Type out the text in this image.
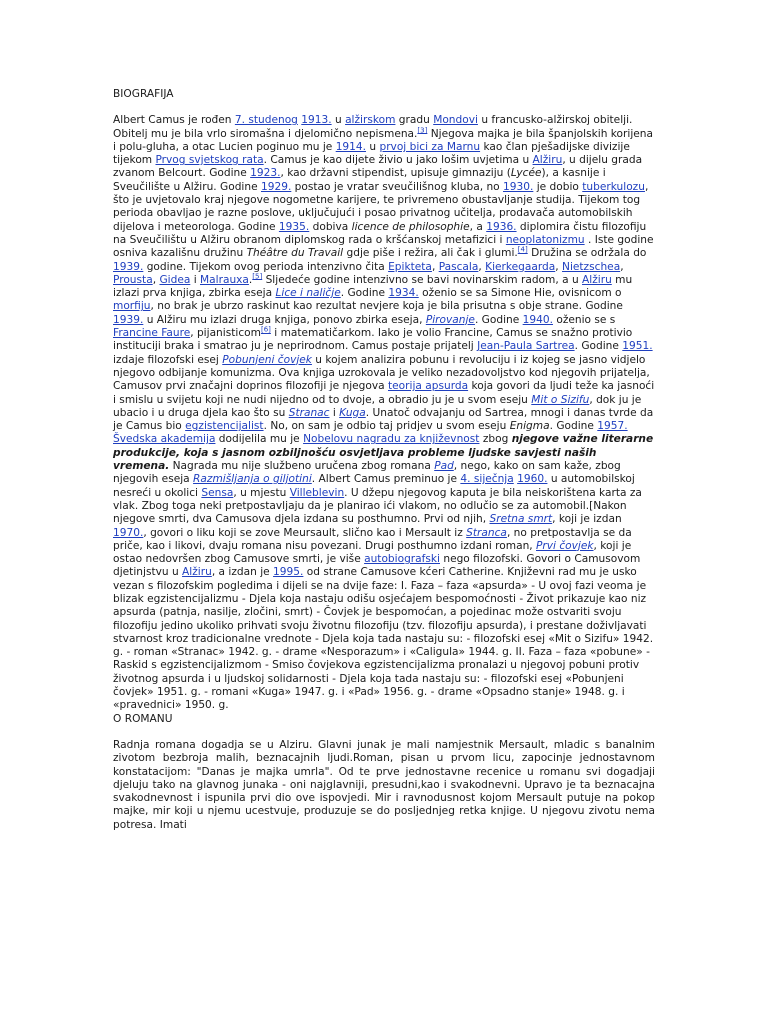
BIOGRAFIJA

Albert Camus je rođen 7. studenog 1913. u alžirskom gradu Mondovi u francusko-alžirskoj obitelji. Obitelj mu je bila vrlo siromašna i djelomično nepismena.[3] Njegova majka je bila španjolskih korijena i polu-gluha, a otac Lucien poginuo mu je 1914. u prvoj bici za Marnu kao član pješadijske divizije tijekom Prvog svjetskog rata. Camus je kao dijete živio u jako lošim uvjetima u Alžiru, u dijelu grada zvanom Belcourt. Godine 1923., kao državni stipendist, upisuje gimnaziju (Lycée), a kasnije i Sveučilište u Alžiru. Godine 1929. postao je vratar sveučilišnog kluba, no 1930. je dobio tuberkulozu, što je uvjetovalo kraj njegove nogometne karijere, te privremeno obustavljanje studija. Tijekom tog perioda obavljao je razne poslove, uključujući i posao privatnog učitelja, prodavača automobilskih dijelova i meteorologa. Godine 1935. dobiva licence de philosophie, a 1936. diplomira čistu filozofiju na Sveučilištu u Alžiru obranom diplomskog rada o kršćanskoj metafizici i neoplatonizmu . Iste godine osniva kazališnu družinu Théâtre du Travail gdje piše i režira, ali čak i glumi.[4] Družina se održala do 1939. godine. Tijekom ovog perioda intenzivno čita Epikteta, Pascala, Kierkegaarda, Nietzschea, Prousta, Gidea i Malrauxa.[5] Sljedeće godine intenzivno se bavi novinarskim radom, a u Alžiru mu izlazi prva knjiga, zbirka eseja Lice i naličje. Godine 1934. oženio se sa Simone Hie, ovisnicom o morfiju, no brak je ubrzo raskinut kao rezultat nevjere koja je bila prisutna s obje strane. Godine 1939. u Alžiru mu izlazi druga knjiga, ponovo zbirka eseja, Pirovanje. Godine 1940. oženio se s Francine Faure, pijanisticom[6] i matematičarkom. Iako je volio Francine, Camus se snažno protivio instituciji braka i smatrao ju je neprirodnom. Camus postaje prijatelj Jean-Paula Sartrea. Godine 1951. izdaje filozofski esej Pobunjeni čovjek u kojem analizira pobunu i revoluciju i iz kojeg se jasno vidjelo njegovo odbijanje komunizma. Ova knjiga uzrokovala je veliko nezadovoljstvo kod njegovih prijatelja, Camusov prvi značajni doprinos filozofiji je njegova teorija apsurda koja govori da ljudi teže ka jasnoći i smislu u svijetu koji ne nudi nijedno od to dvoje, a obradio ju je u svom eseju Mit o Sizifu, dok ju je ubacio i u druga djela kao što su Stranac i Kuga. Unatoč odvajanju od Sartrea, mnogi i danas tvrde da je Camus bio egzistencijalist. No, on sam je odbio taj pridjev u svom eseju Enigma. Godine 1957. Švedska akademija dodijelila mu je Nobelovu nagradu za književnost zbog njegove važne literarne produkcije, koja s jasnom ozbiljnošću osvjetljava probleme ljudske savjesti naših vremena. Nagrada mu nije službeno uručena zbog romana Pad, nego, kako on sam kaže, zbog njegovih eseja Razmišljanja o giljotini. Albert Camus preminuo je 4. siječnja 1960. u automobilskoj nesreći u okolici Sensa, u mjestu Villeblevin. U džepu njegovog kaputa je bila neiskorištena karta za vlak. Zbog toga neki pretpostavljaju da je planirao ići vlakom, no odlučio se za automobil.[Nakon njegove smrti, dva Camusova djela izdana su posthumno. Prvi od njih, Sretna smrt, koji je izdan 1970., govori o liku koji se zove Meursault, slično kao i Mersault iz Stranca, no pretpostavlja se da priče, kao i likovi, dvaju romana nisu povezani. Drugi posthumno izdani roman, Prvi čovjek, koji je ostao nedovršen zbog Camusove smrti, je više autobiografski nego filozofski. Govori o Camusovom djetinjstvu u Alžiru, a izdan je 1995. od strane Camusove kćeri Catherine. Književni rad mu je usko vezan s filozofskim pogledima i dijeli se na dvije faze: I. Faza – faza «apsurda» - U ovoj fazi veoma je blizak egzistencijalizmu - Djela koja nastaju odišu osjećajem bespomoćnosti - Život prikazuje kao niz apsurda (patnja, nasilje, zločini, smrt) - Čovjek je bespomoćan, a pojedinac može ostvariti svoju filozofiju jedino ukoliko prihvati svoju životnu filozofiju (tzv. filozofiju apsurda), i prestane doživljavati stvarnost kroz tradicionalne vrednote - Djela koja tada nastaju su: - filozofski esej «Mit o Sizifu» 1942. g. - roman «Stranac» 1942. g. - drame «Nesporazum» i «Caligula» 1944. g. II. Faza – faza «pobune» - Raskid s egzistencijalizmom - Smiso čovjekova egzistencijalizma pronalazi u njegovoj pobuni protiv životnog apsurda i u ljudskoj solidarnosti - Djela koja tada nastaju su: - filozofski esej «Pobunjeni čovjek» 1951. g. - romani «Kuga» 1947. g. i «Pad» 1956. g. - drame «Opsadno stanje» 1948. g. i «pravednici» 1950. g.

O ROMANU

Radnja romana dogadja se u Alziru. Glavni junak je mali namjestnik Mersault, mladic s banalnim zivotom bezbroja malih, beznacajnih ljudi.Roman, pisan u prvom licu, zapocinje jednostavnom konstatacijom: "Danas je majka umrla". Od te prve jednostavne recenice u romanu svi dogadjaji djeluju tako na glavnog junaka - oni najglavniji, presudni,kao i svakodnevni. Upravo je ta beznacajna svakodnevnost i ispunila prvi dio ove ispovjedi. Mir i ravnodusnost kojom Mersault putuje na pokop majke, mir koji u njemu ucestvuje, produzuje se do posljednjeg retka knjige. U njegovu zivotu nema potresa. Imati
